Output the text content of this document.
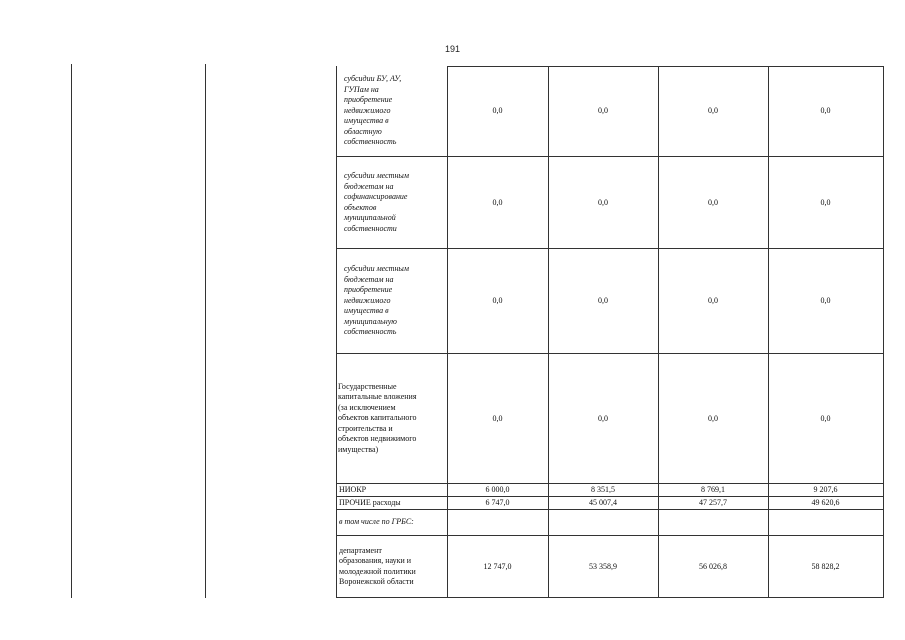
191
субсидии БУ, АУ,
ГУПам на
приобретение
недвижимого
имущества в
областную
собственность
0,0	0,0	0,0	0,0
субсидии местным
бюджетам на
софинансирование
объектов
муниципальной
собственности
0,0	0,0	0,0	0,0
субсидии местным
бюджетам на
приобретение
недвижимого
имущества в
муниципальную
собственность
0,0	0,0	0,0	0,0
Государственные
капитальные вложения
(за исключением
объектов капитального
строительства и
объектов недвижимого
имущества)
0,0	0,0	0,0	0,0
НИОКР	6 000,0	8 351,5	8 769,1	9 207,6
ПРОЧИЕ расходы	6 747,0	45 007,4	47 257,7	49 620,6
в том числе по ГРБС:
департамент
образования, науки и
молодежной политики
Воронежской области
12 747,0	53 358,9	56 026,8	58 828,2
